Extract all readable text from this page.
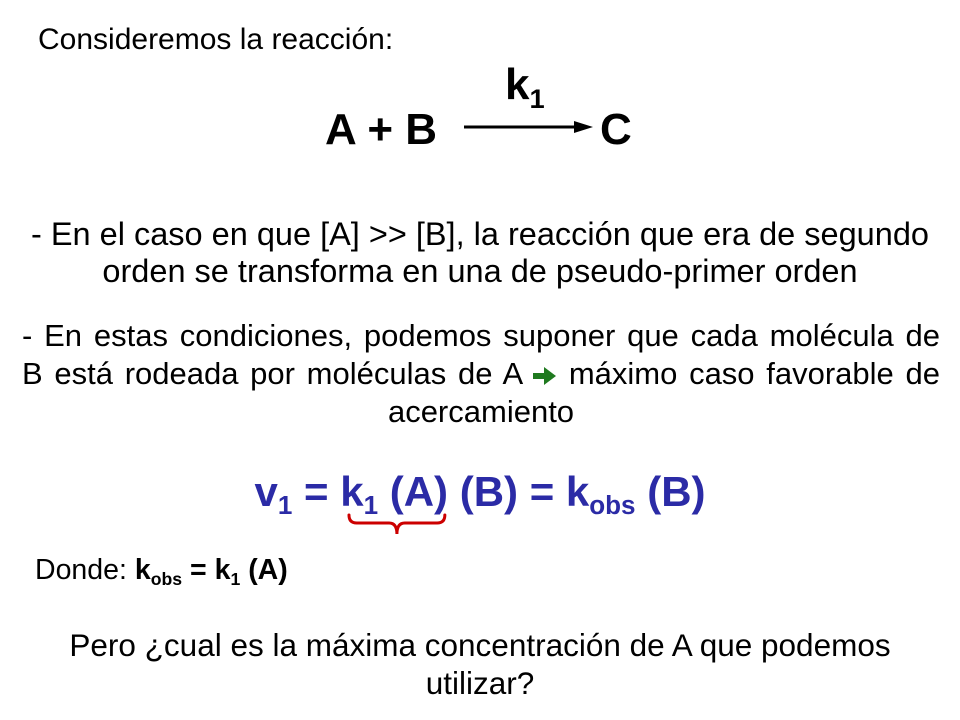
Consideremos la reacción:
k1
A + B	C
- En el caso en que [A] >> [B], la reacción que era de segundo
orden se transforma en una de pseudo-primer orden
- En estas condiciones, podemos suponer que cada molécula de
B está rodeada por moléculas de A máximo caso favorable de
acercamiento
v1 = k1 (A) (B) = kobs (B)
Donde: kobs = k1 (A)
Pero ¿cual es la máxima concentración de A que podemos
utilizar?
